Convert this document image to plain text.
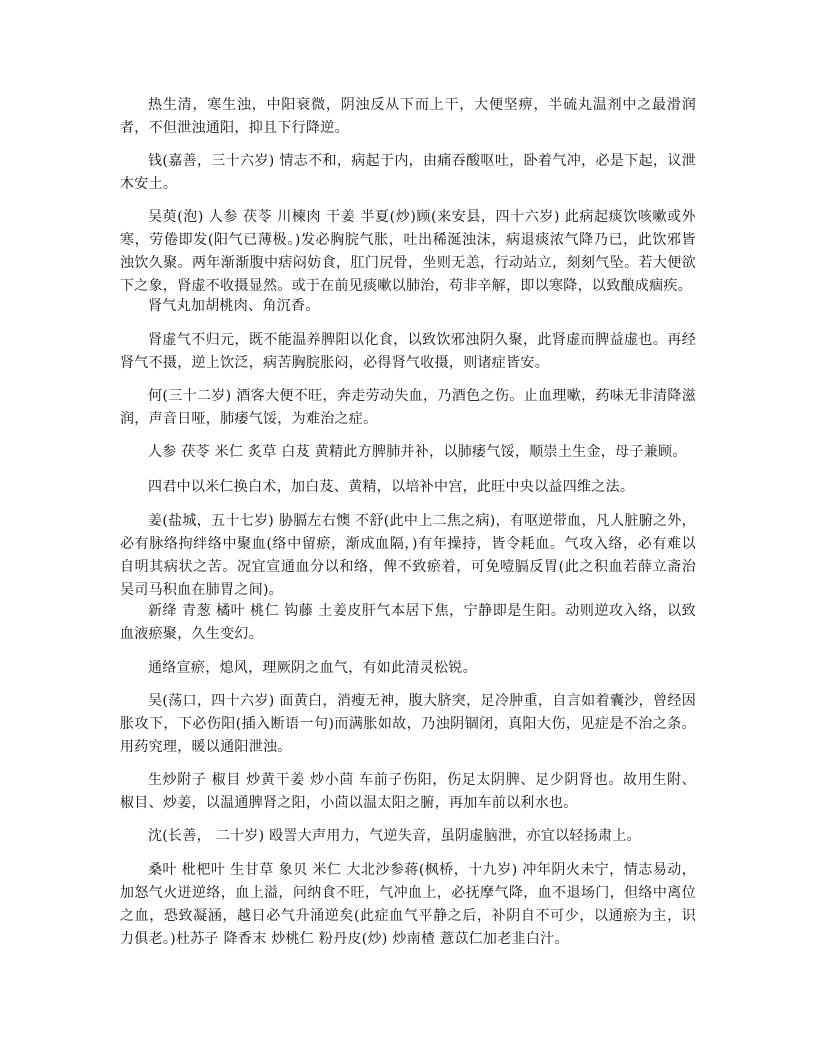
热生清，寒生浊，中阳衰微，阴浊反从下而上干，大便坚痹，半硫丸温剂中之最滑润者，不但泄浊通阳，抑且下行降逆。

钱(嘉善，三十六岁) 情志不和，病起于内，由痛吞酸呕吐，卧着气冲，必是下起，议泄木安土。

吴萸(泡) 人参 茯苓 川楝肉 干姜 半夏(炒)顾(来安县，四十六岁) 此病起痰饮咳嗽或外寒，劳倦即发(阳气已薄极。)发必胸脘气胀，吐出稀涎浊沫，病退痰浓气降乃已，此饮邪皆浊饮久聚。两年渐渐腹中痞闷妨食，肛门尻骨，坐则无恙，行动站立，刻刻气坠。若大便欲下之象，肾虚不收摄显然。或于在前见痰嗽以肺治，苟非辛解，即以寒降，以致酿成痼疾。

肾气丸加胡桃肉、角沉香。

肾虚气不归元，既不能温养脾阳以化食，以致饮邪浊阴久聚，此肾虚而脾益虚也。再经肾气不摄，逆上饮泛，病苦胸脘胀闷，必得肾气收摄，则诸症皆安。

何(三十二岁) 酒客大便不旺，奔走劳动失血，乃酒色之伤。止血理嗽，药味无非清降滋润，声音日哑，肺痿气馁，为难治之症。

人参 茯苓 米仁 炙草 白芨 黄精此方脾肺并补，以肺痿气馁，顺崇土生金，母子兼顾。

四君中以米仁换白术，加白芨、黄精，以培补中宫，此旺中央以益四维之法。

姜(盐城，五十七岁) 胁膈左右懊 不舒(此中上二焦之病)，有呕逆带血，凡人脏腑之外，必有脉络拘绊络中聚血(络中留瘀，渐成血隔，)有年操持，皆令耗血。气攻入络，必有难以自明其病状之苦。况宜宣通血分以和络，俾不致瘀着，可免噎膈反胃(此之积血若薛立斋治吴司马积血在肺胃之间)。

新绛 青葱 橘叶 桃仁 钩藤 土姜皮肝气本居下焦，宁静即是生阳。动则逆攻入络，以致血液瘀聚，久生变幻。

通络宣瘀，熄风，理厥阴之血气，有如此清灵松锐。

吴(荡口，四十六岁) 面黄白，消瘦无神，腹大脐突，足冷肿重，自言如着囊沙，曾经因胀攻下，下必伤阳(插入断语一句)而满胀如故，乃浊阴锢闭，真阳大伤，见症是不治之条。用药究理，暖以通阳泄浊。

生炒附子 椒目 炒黄干姜 炒小茴 车前子伤阳，伤足太阴脾、足少阴肾也。故用生附、椒目、炒姜，以温通脾肾之阳，小茴以温太阳之腑，再加车前以利水也。

沈(长善， 二十岁) 殴詈大声用力，气逆失音，虽阴虚脑泄，亦宜以轻扬肃上。

桑叶 枇杷叶 生甘草 象贝 米仁 大北沙参蒋(枫桥，十九岁) 冲年阴火未宁，情志易动，加怒气火迸逆络，血上溢，问纳食不旺，气冲血上，必抚摩气降，血不退场门，但络中离位之血，恐致凝涵，越日必气升涌逆矣(此症血气平静之后，补阴自不可少，以通瘀为主，识力俱老。)杜苏子 降香末 炒桃仁 粉丹皮(炒) 炒南楂 薏苡仁加老韭白汁。
